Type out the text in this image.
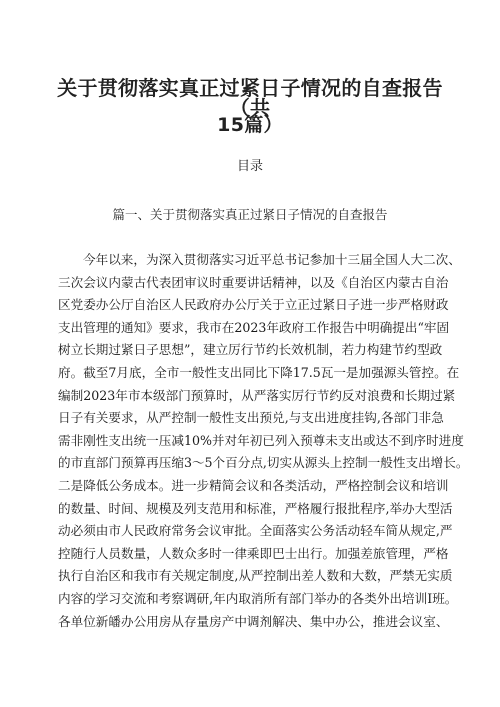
关于贯彻落实真正过紧日子情况的自查报告（共
15篇）
目录
篇一、关于贯彻落实真正过紧日子情况的自查报告
今年以来，为深入贯彻落实习近平总书记参加十三届全国人大二次、
三次会议内蒙古代表团审议时重要讲话精神，以及《自治区内蒙古自治
区党委办公厅自治区人民政府办公厅关于立正过紧日子进一步严格财政
支出管理的通知》要求，我市在2023年政府工作报告中明确提出“牢固
树立长期过紧日子思想”，建立厉行节约长效机制，若力构建节约型政
府。截至7月底，全市一般性支出同比下降17.5瓦一是加强源头管控。在
编制2023年市本级部门预算时，从严落实厉行节约反对浪费和长期过紧
日子有关要求，从严控制一般性支出预兑,与支出进度挂钩,各部门非急
需非刚性支出统一压减10%并对年初已列入预尊未支出或达不到序时进度
的市直部门预算再压缩3〜5个百分点,切实从源头上控制一般性支出增长。
二是降低公务成本。进一步精简会议和各类活动，严格控制会议和培训
的数量、时间、规模及列支范用和标准，严格履行报批程序,举办大型活
动必须由市人民政府常务会议审批。全面落实公务活动轻车简从规定,严
控随行人员数量，人数众多时一律乘即巴士出行。加强差旅管理，严格
执行自治区和我市有关规定制度,从严控制出差人数和大数，严禁无实质
内容的学习交流和考察调研,年内取消所有部门举办的各类外出培训I班。
各单位新皤办公用房从存量房产中调剂解决、集中办公，推进会议室、
